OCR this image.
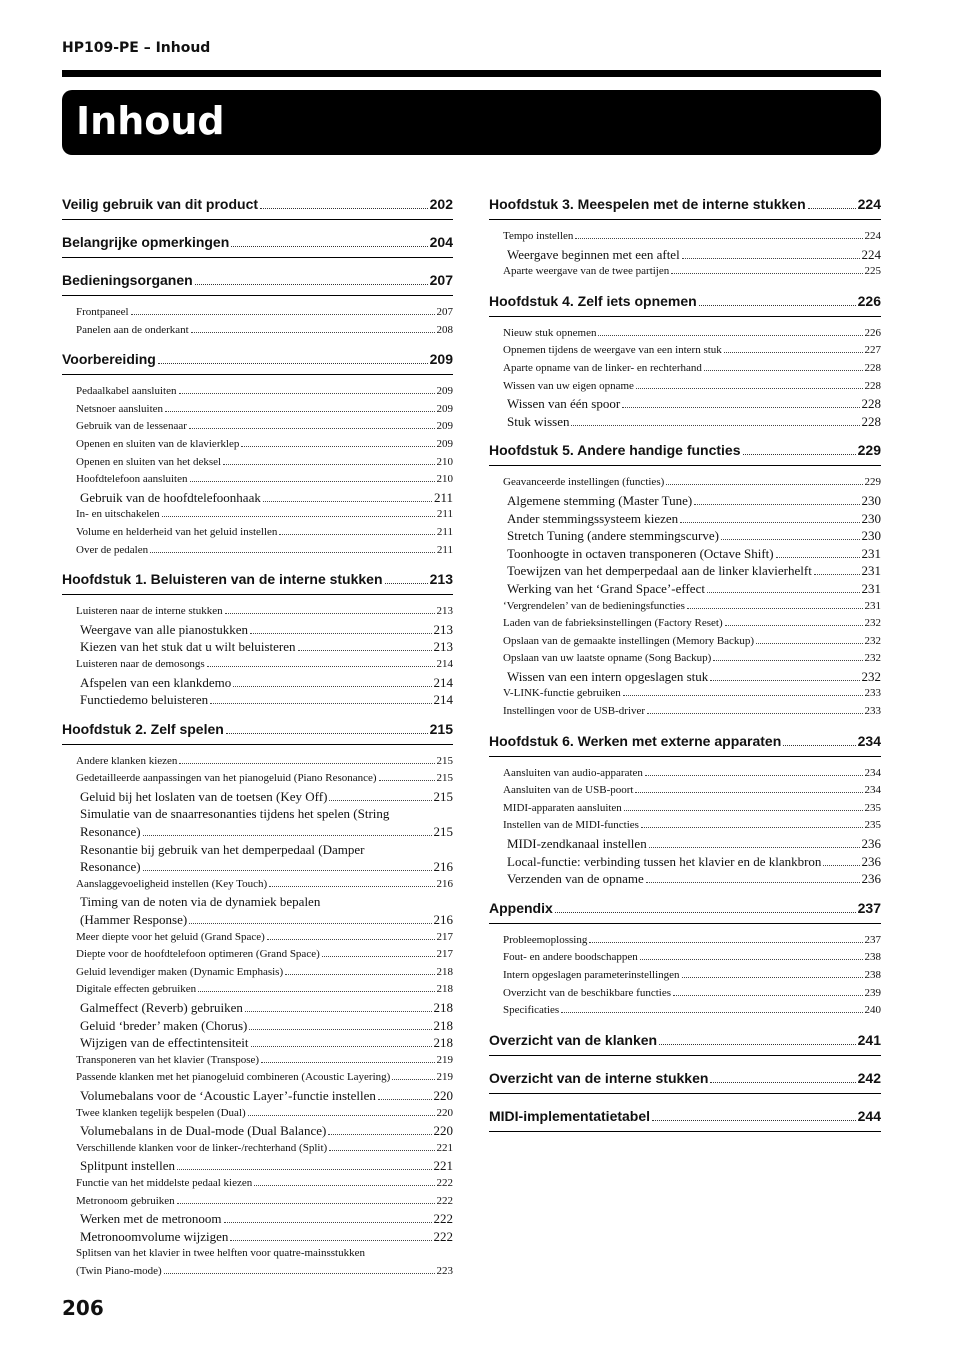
HP109-PE – Inhoud
Inhoud
Veilig gebruik van dit product	202
Belangrijke opmerkingen	204
Bedieningsorganen	207
Frontpaneel	207
Panelen aan de onderkant	208
Voorbereiding	209
Pedaalkabel aansluiten	209
Netsnoer aansluiten	209
Gebruik van de lessenaar	209
Openen en sluiten van de klavierklep	209
Openen en sluiten van het deksel	210
Hoofdtelefoon aansluiten	210
Gebruik van de hoofdtelefoonhaak	211
In- en uitschakelen	211
Volume en helderheid van het geluid instellen	211
Over de pedalen	211
Hoofdstuk 1. Beluisteren van de interne stukken	213
Luisteren naar de interne stukken	213
Weergave van alle pianostukken	213
Kiezen van het stuk dat u wilt beluisteren	213
Luisteren naar de demosongs	214
Afspelen van een klankdemo	214
Functiedemo beluisteren	214
Hoofdstuk 2. Zelf spelen	215
Andere klanken kiezen	215
Gedetailleerde aanpassingen van het pianogeluid (Piano Resonance)	215
Geluid bij het loslaten van de toetsen (Key Off)	215
Simulatie van de snaarresonanties tijdens het spelen (String
Resonance)	215
Resonantie bij gebruik van het demperpedaal (Damper
Resonance)	216
Aanslaggevoeligheid instellen (Key Touch)	216
Timing van de noten via de dynamiek bepalen
(Hammer Response)	216
Meer diepte voor het geluid (Grand Space)	217
Diepte voor de hoofdtelefoon optimeren (Grand Space)	217
Geluid levendiger maken (Dynamic Emphasis)	218
Digitale effecten gebruiken	218
Galmeffect (Reverb) gebruiken	218
Geluid ‘breder’ maken (Chorus)	218
Wijzigen van de effectintensiteit	218
Transponeren van het klavier (Transpose)	219
Passende klanken met het pianogeluid combineren (Acoustic Layering)	219
Volumebalans voor de ‘Acoustic Layer’-functie instellen	220
Twee klanken tegelijk bespelen (Dual)	220
Volumebalans in de Dual-mode (Dual Balance)	220
Verschillende klanken voor de linker-/rechterhand (Split)	221
Splitpunt instellen	221
Functie van het middelste pedaal kiezen	222
Metronoom gebruiken	222
Werken met de metronoom	222
Metronoomvolume wijzigen	222
Splitsen van het klavier in twee helften voor quatre-mainsstukken
(Twin Piano-mode)	223
Hoofdstuk 3. Meespelen met de interne stukken	224
Tempo instellen	224
Weergave beginnen met een aftel	224
Aparte weergave van de twee partijen	225
Hoofdstuk 4. Zelf iets opnemen	226
Nieuw stuk opnemen	226
Opnemen tijdens de weergave van een intern stuk	227
Aparte opname van de linker- en rechterhand	228
Wissen van uw eigen opname	228
Wissen van één spoor	228
Stuk wissen	228
Hoofdstuk 5. Andere handige functies	229
Geavanceerde instellingen (functies)	229
Algemene stemming (Master Tune)	230
Ander stemmingssysteem kiezen	230
Stretch Tuning (andere stemmingscurve)	230
Toonhoogte in octaven transponeren (Octave Shift)	231
Toewijzen van het demperpedaal aan de linker klavierhelft	231
Werking van het ‘Grand Space’-effect	231
‘Vergrendelen’ van de bedieningsfuncties	231
Laden van de fabrieksinstellingen (Factory Reset)	232
Opslaan van de gemaakte instellingen (Memory Backup)	232
Opslaan van uw laatste opname (Song Backup)	232
Wissen van een intern opgeslagen stuk	232
V-LINK-functie gebruiken	233
Instellingen voor de USB-driver	233
Hoofdstuk 6. Werken met externe apparaten	234
Aansluiten van audio-apparaten	234
Aansluiten van de USB-poort	234
MIDI-apparaten aansluiten	235
Instellen van de MIDI-functies	235
MIDI-zendkanaal instellen	236
Local-functie: verbinding tussen het klavier en de klankbron	236
Verzenden van de opname	236
Appendix	237
Probleemoplossing	237
Fout- en andere boodschappen	238
Intern opgeslagen parameterinstellingen	238
Overzicht van de beschikbare functies	239
Specificaties	240
Overzicht van de klanken	241
Overzicht van de interne stukken	242
MIDI-implementatietabel	244
206
